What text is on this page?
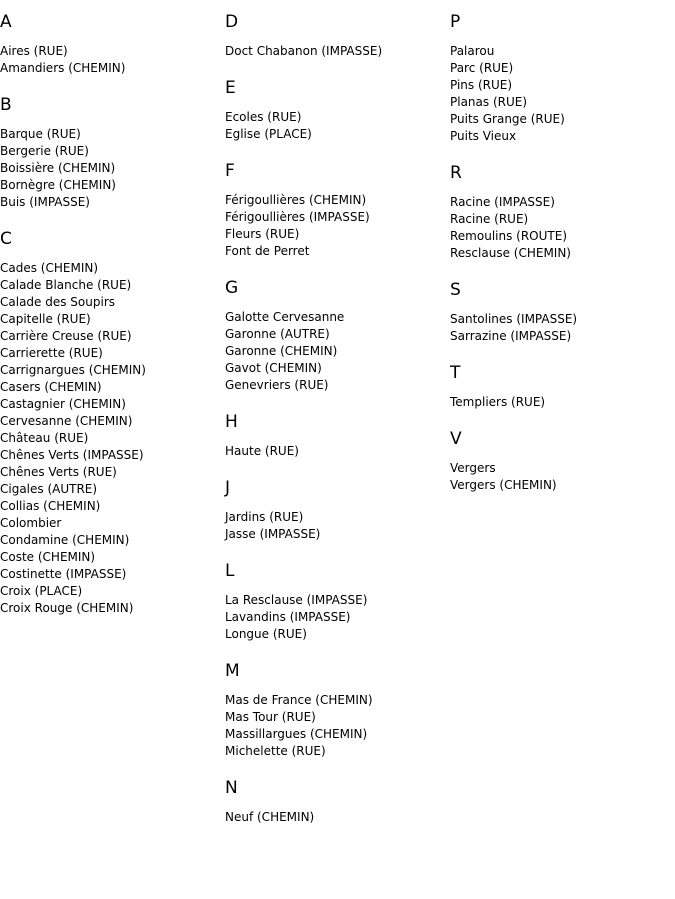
A
Aires (RUE)
Amandiers (CHEMIN)
B
Barque (RUE)
Bergerie (RUE)
Boissière (CHEMIN)
Bornègre (CHEMIN)
Buis (IMPASSE)
C
Cades (CHEMIN)
Calade Blanche (RUE)
Calade des Soupirs
Capitelle (RUE)
Carrière Creuse (RUE)
Carrierette (RUE)
Carrignargues (CHEMIN)
Casers (CHEMIN)
Castagnier (CHEMIN)
Cervesanne (CHEMIN)
Château (RUE)
Chênes Verts (IMPASSE)
Chênes Verts (RUE)
Cigales (AUTRE)
Collias (CHEMIN)
Colombier
Condamine (CHEMIN)
Coste (CHEMIN)
Costinette (IMPASSE)
Croix (PLACE)
Croix Rouge (CHEMIN)
D
Doct Chabanon (IMPASSE)
E
Ecoles (RUE)
Eglise (PLACE)
F
Férigoullières (CHEMIN)
Férigoullières (IMPASSE)
Fleurs (RUE)
Font de Perret
G
Galotte Cervesanne
Garonne (AUTRE)
Garonne (CHEMIN)
Gavot (CHEMIN)
Genevriers (RUE)
H
Haute (RUE)
J
Jardins (RUE)
Jasse (IMPASSE)
L
La Resclause (IMPASSE)
Lavandins (IMPASSE)
Longue (RUE)
M
Mas de France (CHEMIN)
Mas Tour (RUE)
Massillargues (CHEMIN)
Michelette (RUE)
N
Neuf (CHEMIN)
P
Palarou
Parc (RUE)
Pins (RUE)
Planas (RUE)
Puits Grange (RUE)
Puits Vieux
R
Racine (IMPASSE)
Racine (RUE)
Remoulins (ROUTE)
Resclause (CHEMIN)
S
Santolines (IMPASSE)
Sarrazine (IMPASSE)
T
Templiers (RUE)
V
Vergers
Vergers (CHEMIN)
